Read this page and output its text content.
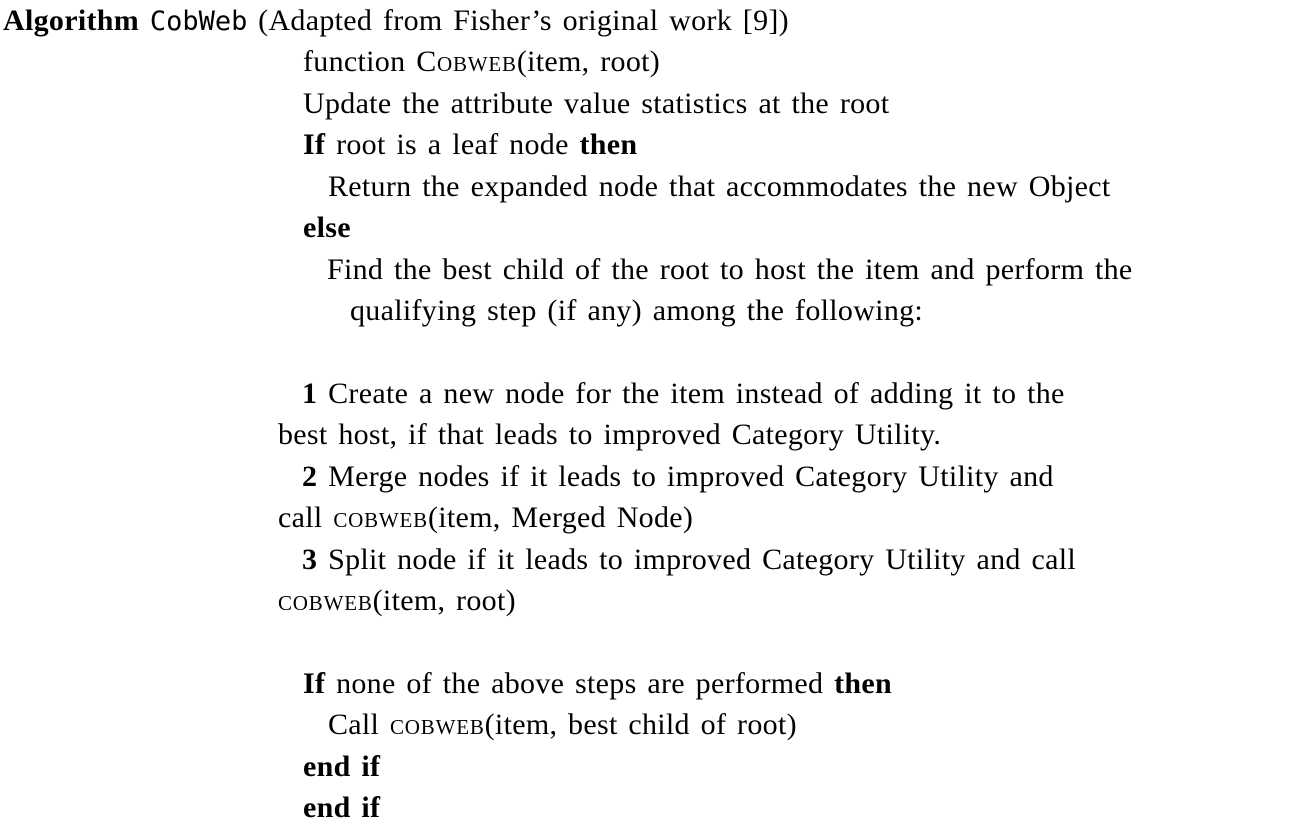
Algorithm CobWeb (Adapted from Fisher’s original work [9])
function Cobweb(item, root)
Update the attribute value statistics at the root
If root is a leaf node then
Return the expanded node that accommodates the new Object
else
Find the best child of the root to host the item and perform the
qualifying step (if any) among the following:
1 Create a new node for the item instead of adding it to the
best host, if that leads to improved Category Utility.
2 Merge nodes if it leads to improved Category Utility and
call cobweb(item, Merged Node)
3 Split node if it leads to improved Category Utility and call
cobweb(item, root)
If none of the above steps are performed then
Call cobweb(item, best child of root)
end if
end if
